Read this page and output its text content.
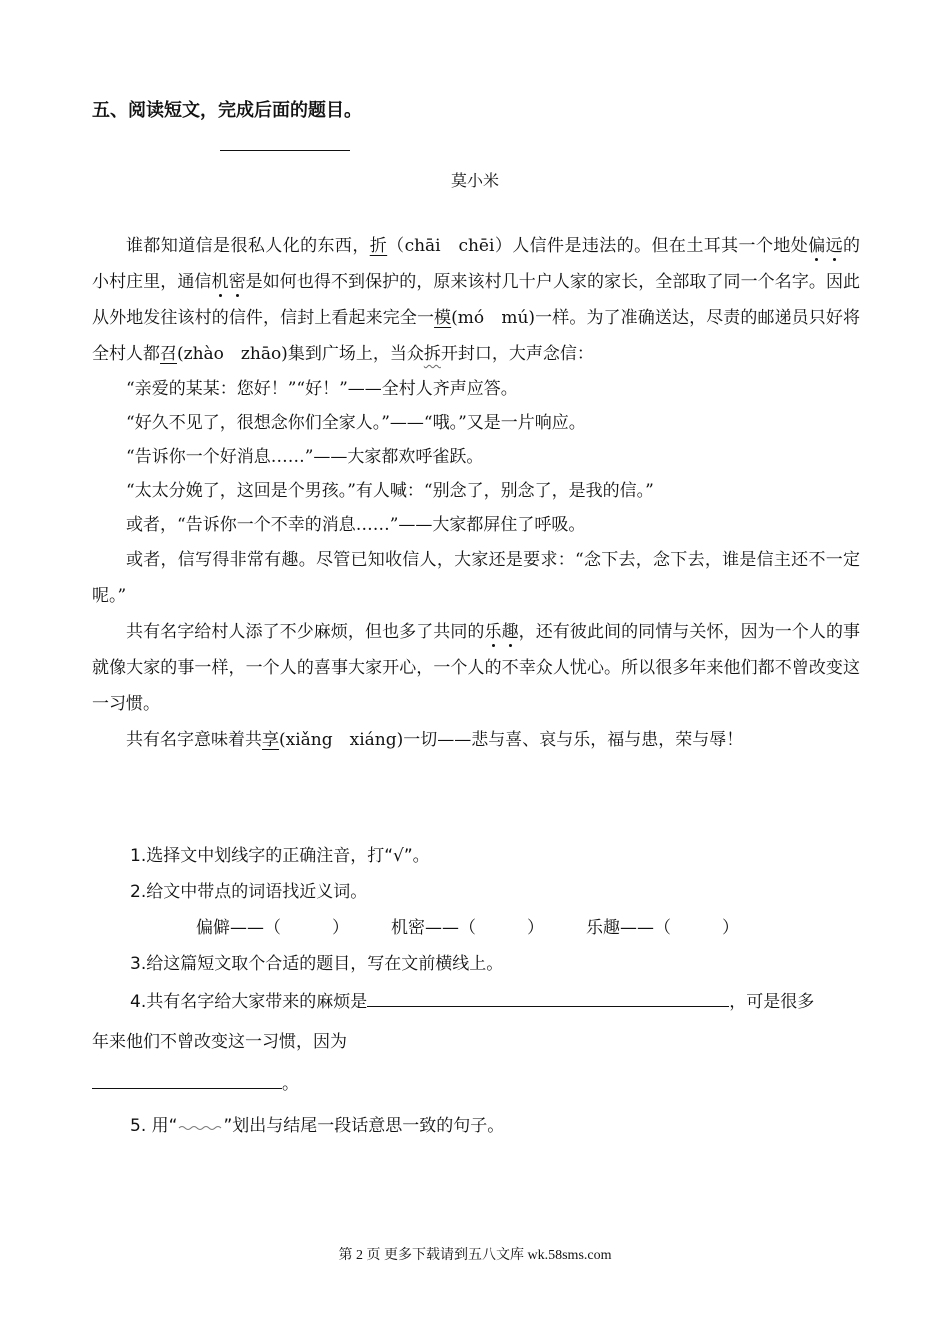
五、阅读短文，完成后面的题目。
莫小米

谁都知道信是很私人化的东西，折（chāi　chēi）人信件是违法的。但在土耳其一个地处偏远的小村庄里，通信机密是如何也得不到保护的，原来该村几十户人家的家长，全部取了同一个名字。因此从外地发往该村的信件，信封上看起来完全一模(mó　mú)一样。为了准确送达，尽责的邮递员只好将全村人都召(zhào　zhāo)集到广场上，当众拆开封口，大声念信：

“亲爱的某某：您好！”“好！”——全村人齐声应答。

“好久不见了，很想念你们全家人。”——“哦。”又是一片响应。

“告诉你一个好消息……”——大家都欢呼雀跃。

“太太分娩了，这回是个男孩。”有人喊：“别念了，别念了，是我的信。”

或者，“告诉你一个不幸的消息……”——大家都屏住了呼吸。

或者，信写得非常有趣。尽管已知收信人，大家还是要求：“念下去，念下去，谁是信主还不一定呢。”

共有名字给村人添了不少麻烦，但也多了共同的乐趣，还有彼此间的同情与关怀，因为一个人的事就像大家的事一样，一个人的喜事大家开心，一个人的不幸众人忧心。所以很多年来他们都不曾改变这一习惯。

共有名字意味着共享(xiǎng　xiáng)一切——悲与喜、哀与乐，福与患，荣与辱！

1.选择文中划线字的正确注音，打“√”。

2.给文中带点的词语找近义词。

偏僻——（　　　） 机密——（　　　） 乐趣——（　　　）

3.给这篇短文取个合适的题目，写在文前横线上。

4.共有名字给大家带来的麻烦是	，可是很多

年来他们不曾改变这一习惯，因为

。

5. 用“	”划出与结尾一段话意思一致的句子。

第 2 页 更多下载请到五八文库 wk.58sms.com
